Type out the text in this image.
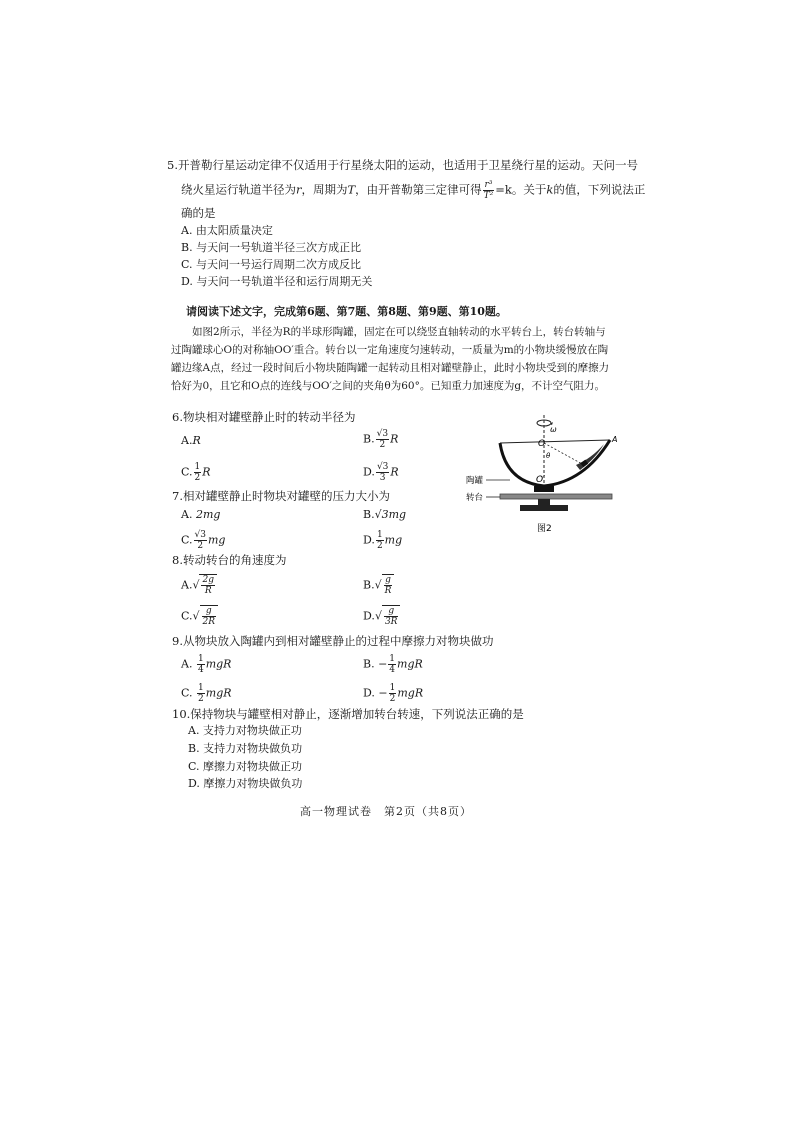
5.开普勒行星运动定律不仅适用于行星绕太阳的运动，也适用于卫星绕行星的运动。天问一号
绕火星运行轨道半径为r，周期为T，由开普勒第三定律可得 $\frac{\text{r³}}{\text{T²}} =k$。关于k的值，下列说法正
确的是
A. 由太阳质量决定
B. 与天问一号轨道半径三次方成正比
C. 与天问一号运行周期二次方成反比
D. 与天问一号轨道半径和运行周期无关
请阅读下述文字，完成第6题、第7题、第8题、第9题、第10题。
如图2所示，半径为R的半球形陶罐，固定在可以绕竖直轴转动的水平转台上，转台转轴与过陶罐球心O的对称轴OO′重合。转台以一定角速度匀速转动，一质量为m的小物块缓慢放在陶罐边缘A点，经过一段时间后小物块随陶罐一起转动且相对罐壁静止，此时小物块受到的摩擦力恰好为0，且它和O点的连线与OO′之间的夹角θ为60°。已知重力加速度为g，不计空气阻力。
6.物块相对罐壁静止时的转动半径为
A.R	B. $\frac{√3}{2}$ R
C. $\frac{1}{2}$ R	D. $\frac{√3}{3}$ R
7.相对罐壁静止时物块对罐壁的压力大小为
A. 2mg	B.√3mg
C. $\frac{√3}{2}$ mg	D. $\frac{1}{2}$ mg
8.转动转台的角速度为
$A.√ \frac{2g}{R}$	$B.√ \frac{g}{R}$
$C.√ \frac{g}{2R}$	$D.√ \frac{g}{3R}$
9.从物块放入陶罐内到相对罐壁静止的过程中摩擦力对物块做功
A. $\frac{1}{4}$ mgR	B. − $\frac{1}{4}$ mgR
C. $\frac{1}{2}$ mgR	D. − $\frac{1}{2}$ mgR
10.保持物块与罐壁相对静止，逐渐增加转台转速，下列说法正确的是
A. 支持力对物块做正功
B. 支持力对物块做负功
C. 摩擦力对物块做正功
D. 摩擦力对物块做负功
ω
O
θ
A
O′
陶罐
转台
图2
高一物理试卷　第2页（共8页）
